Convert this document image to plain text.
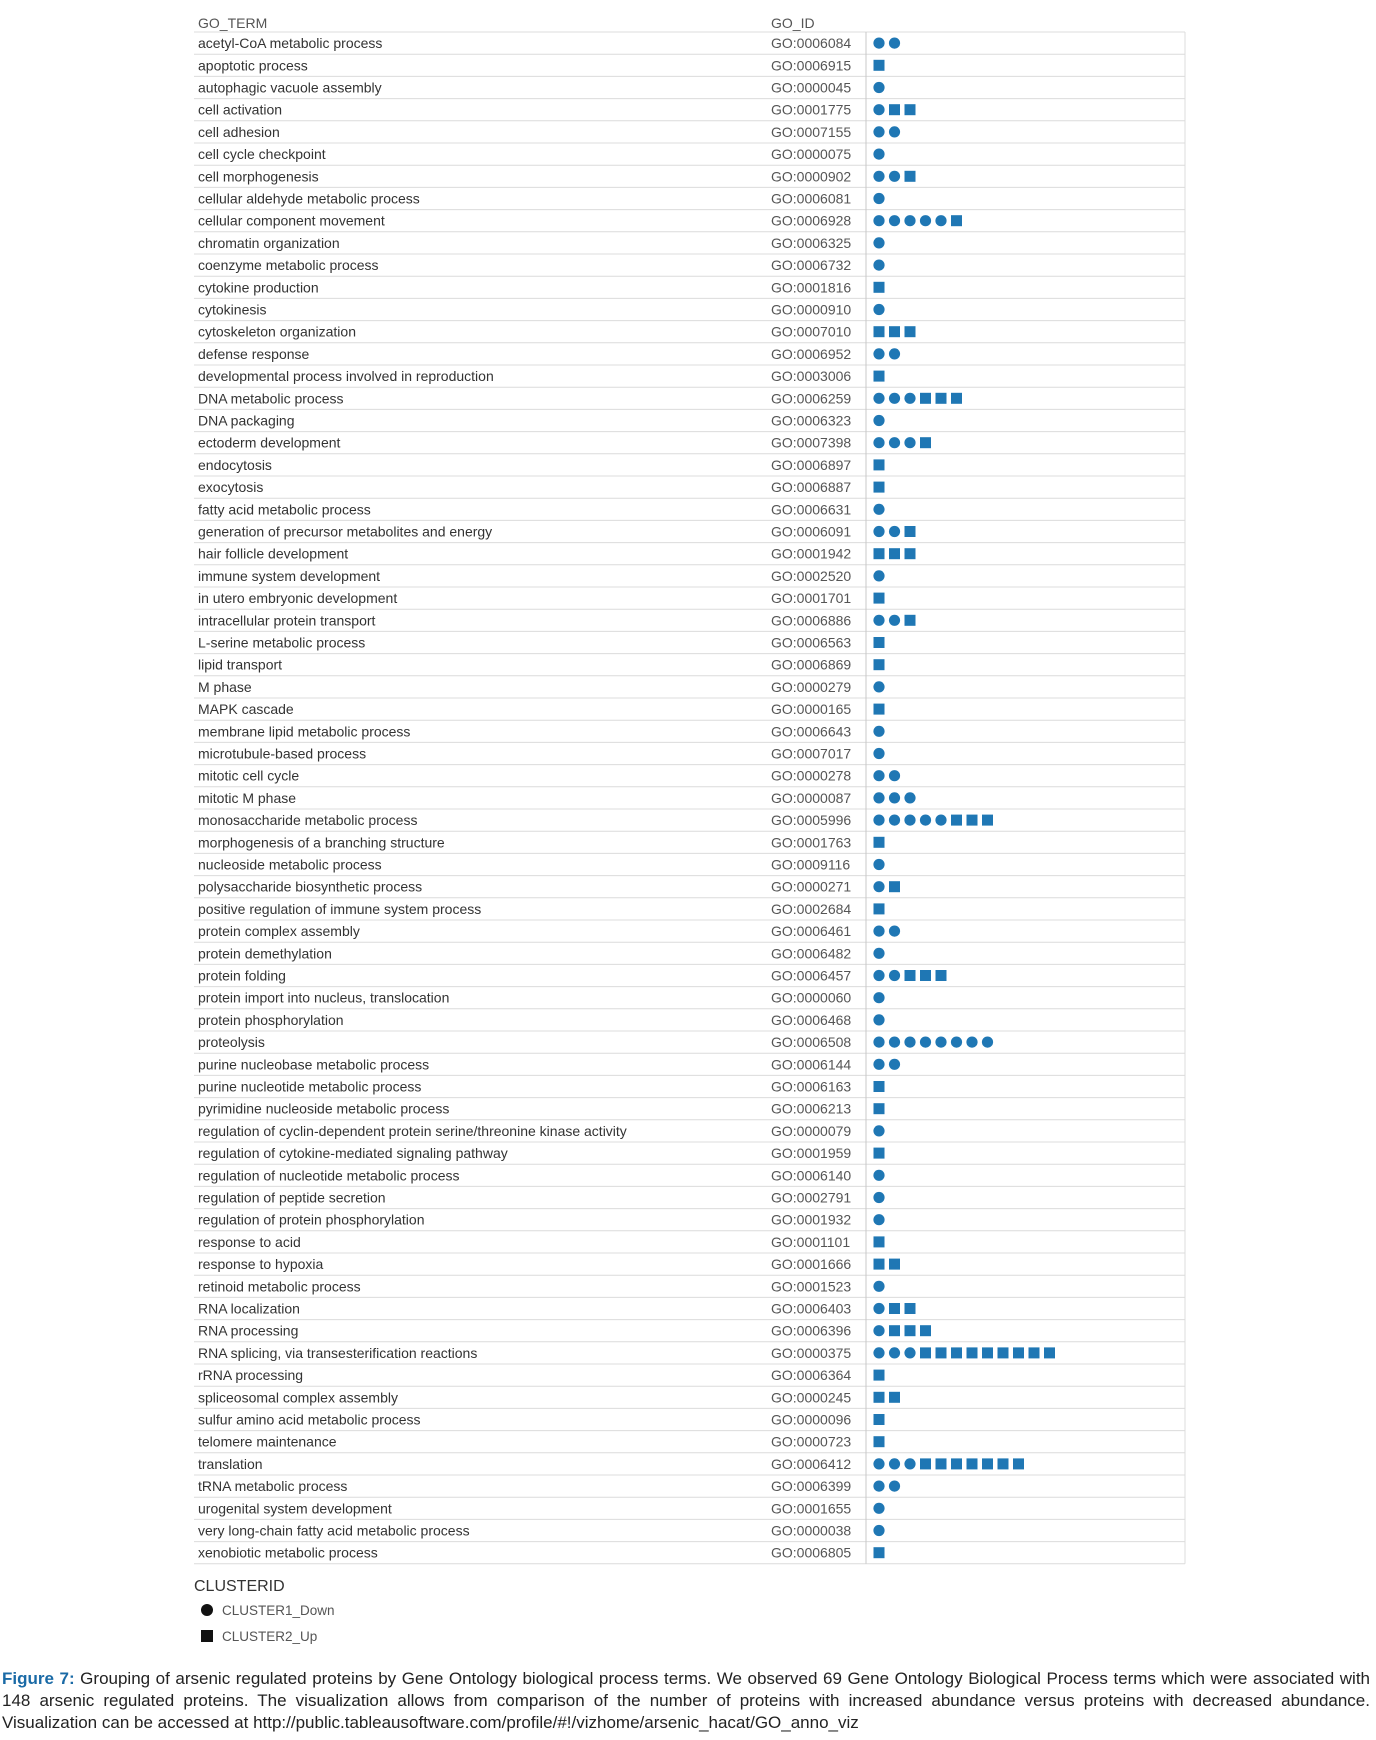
GO_TERM	GO_ID
acetyl-CoA metabolic process	GO:0006084
apoptotic process	GO:0006915
autophagic vacuole assembly	GO:0000045
cell activation	GO:0001775
cell adhesion	GO:0007155
cell cycle checkpoint	GO:0000075
cell morphogenesis	GO:0000902
cellular aldehyde metabolic process	GO:0006081
cellular component movement	GO:0006928
chromatin organization	GO:0006325
coenzyme metabolic process	GO:0006732
cytokine production	GO:0001816
cytokinesis	GO:0000910
cytoskeleton organization	GO:0007010
defense response	GO:0006952
developmental process involved in reproduction	GO:0003006
DNA metabolic process	GO:0006259
DNA packaging	GO:0006323
ectoderm development	GO:0007398
endocytosis	GO:0006897
exocytosis	GO:0006887
fatty acid metabolic process	GO:0006631
generation of precursor metabolites and energy	GO:0006091
hair follicle development	GO:0001942
immune system development	GO:0002520
in utero embryonic development	GO:0001701
intracellular protein transport	GO:0006886
L-serine metabolic process	GO:0006563
lipid transport	GO:0006869
M phase	GO:0000279
MAPK cascade	GO:0000165
membrane lipid metabolic process	GO:0006643
microtubule-based process	GO:0007017
mitotic cell cycle	GO:0000278
mitotic M phase	GO:0000087
monosaccharide metabolic process	GO:0005996
morphogenesis of a branching structure	GO:0001763
nucleoside metabolic process	GO:0009116
polysaccharide biosynthetic process	GO:0000271
positive regulation of immune system process	GO:0002684
protein complex assembly	GO:0006461
protein demethylation	GO:0006482
protein folding	GO:0006457
protein import into nucleus, translocation	GO:0000060
protein phosphorylation	GO:0006468
proteolysis	GO:0006508
purine nucleobase metabolic process	GO:0006144
purine nucleotide metabolic process	GO:0006163
pyrimidine nucleoside metabolic process	GO:0006213
regulation of cyclin-dependent protein serine/threonine kinase activity	GO:0000079
regulation of cytokine-mediated signaling pathway	GO:0001959
regulation of nucleotide metabolic process	GO:0006140
regulation of peptide secretion	GO:0002791
regulation of protein phosphorylation	GO:0001932
response to acid	GO:0001101
response to hypoxia	GO:0001666
retinoid metabolic process	GO:0001523
RNA localization	GO:0006403
RNA processing	GO:0006396
RNA splicing, via transesterification reactions	GO:0000375
rRNA processing	GO:0006364
spliceosomal complex assembly	GO:0000245
sulfur amino acid metabolic process	GO:0000096
telomere maintenance	GO:0000723
translation	GO:0006412
tRNA metabolic process	GO:0006399
urogenital system development	GO:0001655
very long-chain fatty acid metabolic process	GO:0000038
xenobiotic metabolic process	GO:0006805
CLUSTERID
CLUSTER1_Down
CLUSTER2_Up
Figure 7: Grouping of arsenic regulated proteins by Gene Ontology biological process terms. We observed 69 Gene Ontology Biological Process terms which were associated with 148 arsenic regulated proteins. The visualization allows from comparison of the number of proteins with increased abundance versus proteins with decreased abundance. Visualization can be accessed at http://public.tableausoftware.com/profile/#!/vizhome/arsenic_hacat/GO_anno_viz
